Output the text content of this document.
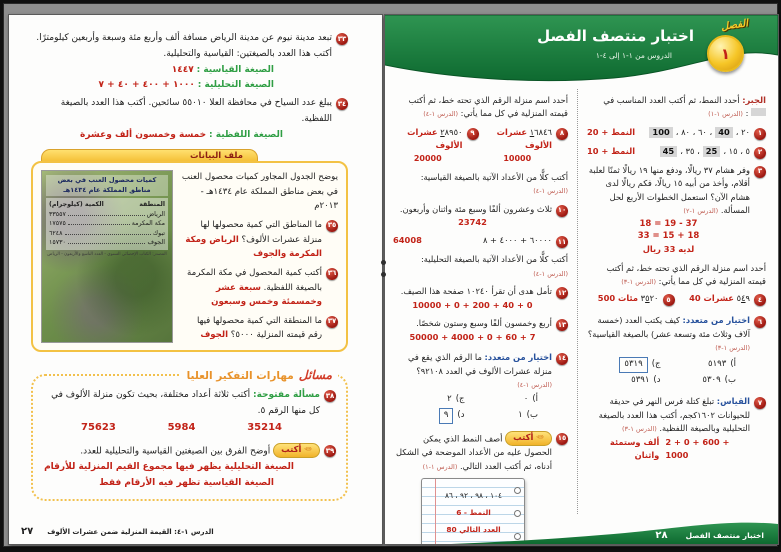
٣٣
تبعد مدينة نيوم عن مدينة الرياض مسافة ألف وأربع مئة وسبعة وأربعين كيلومترًا. أكتب هذا العدد بالصيغتين: القياسية والتحليلية.
الصيغة القياسية : ١٤٤٧
الصيغة التحليلية : ١٠٠٠ + ٤٠٠ + ٤٠ + ٧
٣٤
يبلغ عدد السياح في محافظة العلا ٥٥٠١٠ سائحين. أكتب هذا العدد بالصيغة اللفظية.
الصيغة اللفظية : خمسة وخمسون ألف وعشرة
ملف البيانات
يوضح الجدول المجاور كميات محصول العنب في بعض مناطق المملكة عام ١٤٣٤هـ - ٢٠١٣م
٣٥
ما المناطق التي كمية محصولها لها منزلة عشرات الألوف؟ الرياض ومكة المكرمة والجوف
٣٦
أكتب كمية المحصول في مكة المكرمة بالصيغة اللفظية. سبعة عشر وخمسمئة وخمس وسبعون
٣٧
ما المنطقة التي كمية محصولها فيها رقم قيمته المنزلية ٥٠٠٠؟ الجوف
كميات محصول العنب في بعض مناطق المملكة عام ١٤٣٤هـ
المنطقة
الكمية (كيلوجرام)
الرياض
٣٣٥٥٧
مكة المكرمة
١٧٥٧٥
تبوك
٦٢٤٨
الجوف
١٥٧٣٠
المصدر: الكتاب الإحصائي السنوي - العدد التاسع والأربعون - الرياض
مسائل
مهارات التفكير العليا
٣٨
مسألة مفتوحة: أكتب ثلاثة أعداد مختلفة، بحيث تكون منزلة الألوف في كل منها الرقم ٥.
75623	5984	35214
٣٩
✏
أكتب
أوضح الفرق بين الصيغتين القياسية والتحليلية للعدد.
الصيغة التحليلية يظهر فيها مجموع القيم المنزلية للأرقام
الصيغة القياسية تظهر فيه الأرقام فقط
الدرس ١-٤: القيمة المنزلية ضمن عشرات الألوف
٢٧
اختبار منتصف الفصل
الدروس من ١-١ إلى ٤-١
الفصل
١
الجبر: أحدد النمط، ثم أكتب العدد المناسب في  : (الدرس ١-١)
١
٢٠ ،
40
، ٦٠ ، ٨٠ ،
100
النمط + 20
٢
٥ ، ١٥ ،
25
، ٣٥ ،
45
النمط + 10
٣
وفر هشام ٣٧ ريالًا، ودفع منها ١٩ ريالًا ثمنًا لعلبة أقلام، وأخذ من أبيه ١٥ ريالًا، فكم ريالًا لدى هشام الآن؟ استعمل الخطوات الأربع لحل المسألة. (الدرس ١-٢)
18 = 19 - 37
33 = 15 + 18
لديه 33 ريال
أحدد اسم منزلة الرقم الذي تحته خط، ثم أكتب قيمته المنزلية في كل مما يأتي: (الدرس ١-٣)
٤
٥٤٩ عشرات 40
٥
٣٥٢٠ مئات 500
٦
اختيار من متعدد: كيف يكتب العدد (خمسة آلاف وثلاث مئة وتسعة عشر) بالصيغة القياسية؟ (الدرس ١-٣)
أ)
٥١٩٣
ج)
٥٣١٩
ب)
٥٣٠٩
د)
٥٣٩١
٧
القياس: تبلغ كتلة فرس النهر في حديقة للحيوانات ١٦٠٢كجم، أكتب هذا العدد بالصيغة التحليلية وبالصيغة اللفظية. (الدرس ١-٣)
2 + 0 + 600 + 1000
ألف وستمئة واثنان
أحدد اسم منزلة الرقم الذي تحته خط، ثم أكتب قيمته المنزلية في كل مما يأتي: (الدرس ١-٤)
٨
١٦٨٤٦ عشرات الألوف
10000
٩
٢٨٩٥٠ عشرات الألوف
20000
أكتب كلًّا من الأعداد الآتية بالصيغة القياسية: (الدرس ١-٤)
١٠
ثلاث وعشرون ألفًا وسبع مئة واثنان وأربعون.
23742
١١
٦٠٠٠٠ + ٤٠٠٠ + ٨
64008
أكتب كلًّا من الأعداد الآتية بالصيغة التحليلية: (الدرس ١-٤)
١٢
تأمل هدى أن تقرأ ١٠٢٤٠ صفحة هذا الصيف.
10000 + 0 + 200 + 40 + 0
١٣
أربع وخمسون ألفًا وسبع وستون شخصًا.
50000 + 4000 + 0 + 60 + 7
١٤
اختيار من متعدد: ما الرقم الذي يقع في منزلة عشرات الألوف في العدد ٩٢١٠٨؟ (الدرس ١-٤)
أ)
٠
ج)
٢
ب)
١
د)
٩
١٥
✏
أكتب
أصف النمط الذي يمكن الحصول عليه من الأعداد الموضحة في الشكل أدناه، ثم أكتب العدد التالي. (الدرس ١-١)
١٠٤ ، ٩٨ ، ٩٢ ، ٨٦
النمط - 6
العدد التالي 80
اختبار منتصف الفصل
٢٨
